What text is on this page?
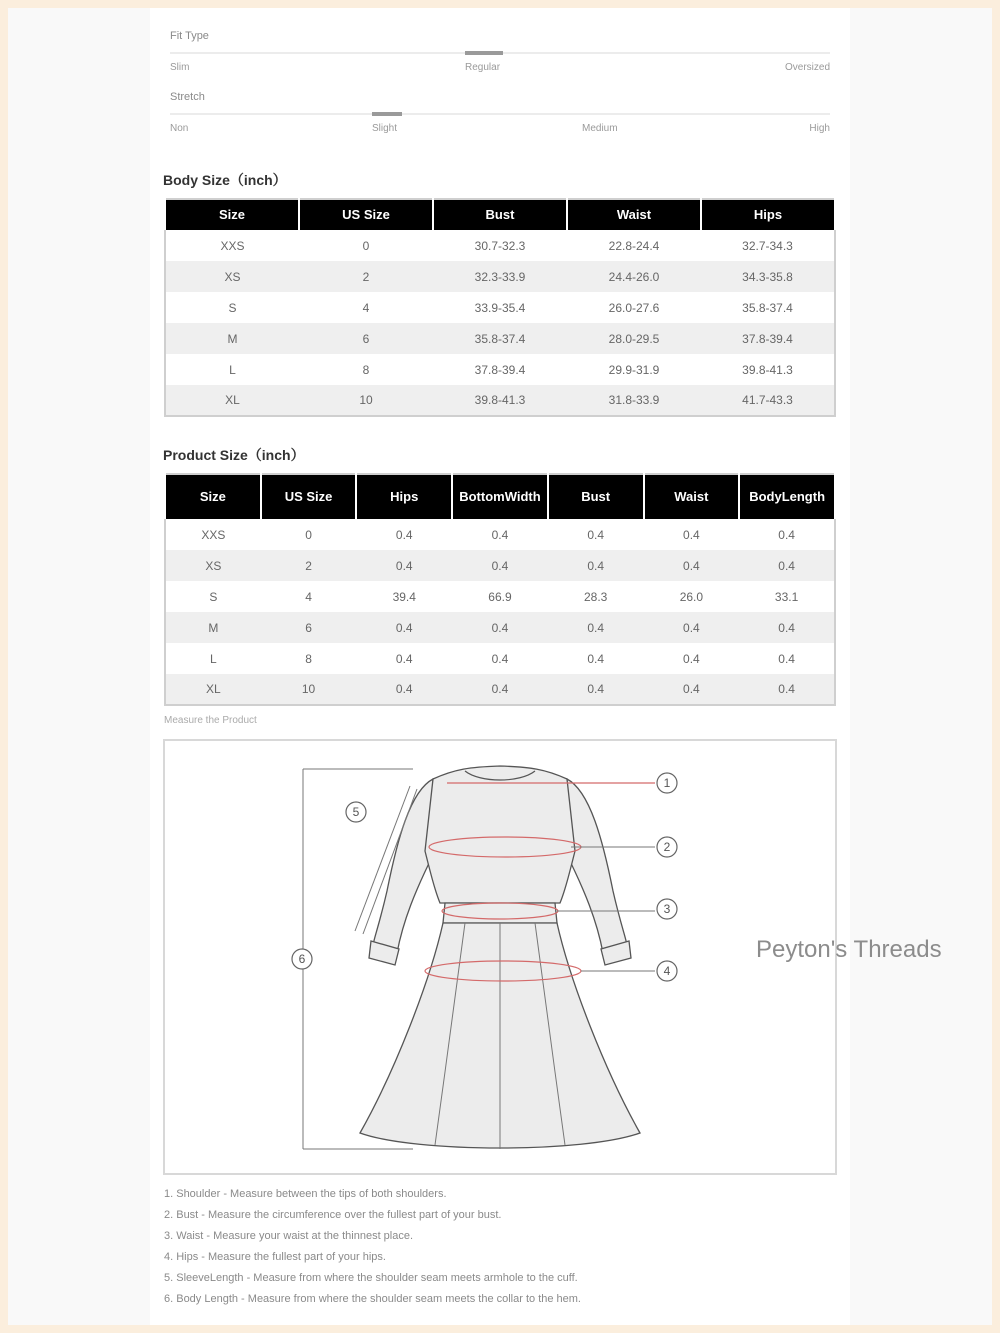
Fit Type
Slim	Regular	Oversized
Stretch
Non	Slight	Medium	High
Body Size（inch）
Size	US Size	Bust	Waist	Hips
XXS	0	30.7-32.3	22.8-24.4	32.7-34.3
XS	2	32.3-33.9	24.4-26.0	34.3-35.8
S	4	33.9-35.4	26.0-27.6	35.8-37.4
M	6	35.8-37.4	28.0-29.5	37.8-39.4
L	8	37.8-39.4	29.9-31.9	39.8-41.3
XL	10	39.8-41.3	31.8-33.9	41.7-43.3
Product Size（inch）
Size	US Size	Hips	BottomWidth	Bust	Waist	BodyLength
XXS	0	0.4	0.4	0.4	0.4	0.4
XS	2	0.4	0.4	0.4	0.4	0.4
S	4	39.4	66.9	28.3	26.0	33.1
M	6	0.4	0.4	0.4	0.4	0.4
L	8	0.4	0.4	0.4	0.4	0.4
XL	10	0.4	0.4	0.4	0.4	0.4
Measure the Product
1
2
3
4
5
6	Peyton's Threads
1. Shoulder - Measure between the tips of both shoulders.
2. Bust - Measure the circumference over the fullest part of your bust.
3. Waist - Measure your waist at the thinnest place.
4. Hips - Measure the fullest part of your hips.
5. SleeveLength - Measure from where the shoulder seam meets armhole to the cuff.
6. Body Length - Measure from where the shoulder seam meets the collar to the hem.
